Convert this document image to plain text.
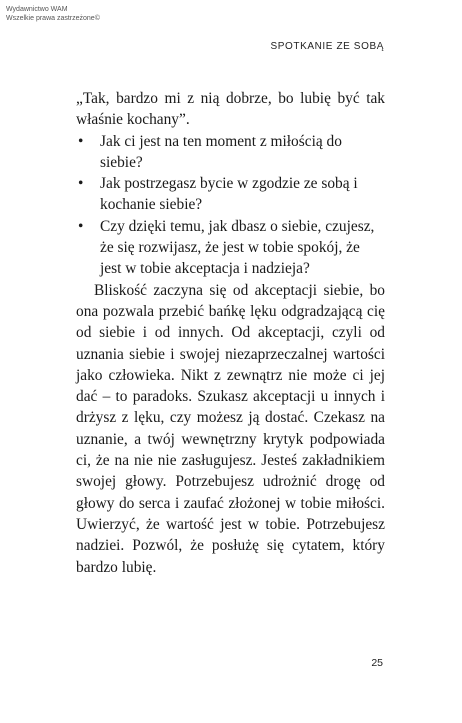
Wydawnictwo WAM
Wszelkie prawa zastrzeżone©
SPOTKANIE ZE SOBĄ

„Tak, bardzo mi z nią dobrze, bo lubię być tak właśnie kochany”.

• Jak ci jest na ten moment z miłością do siebie?
• Jak postrzegasz bycie w zgodzie ze sobą i kochanie siebie?
• Czy dzięki temu, jak dbasz o siebie, czujesz, że się rozwijasz, że jest w tobie spokój, że jest w tobie akceptacja i nadzieja?

Bliskość zaczyna się od akceptacji siebie, bo ona pozwala przebić bańkę lęku odgradzającą cię od siebie i od innych. Od akceptacji, czyli od uznania siebie i swojej niezaprzeczalnej wartości jako człowieka. Nikt z zewnątrz nie może ci jej dać – to paradoks. Szukasz akceptacji u innych i drżysz z lęku, czy możesz ją dostać. Czekasz na uznanie, a twój wewnętrzny krytyk podpowiada ci, że na nie nie zasługujesz. Jesteś zakładnikiem swojej głowy. Potrzebujesz udrożnić drogę od głowy do serca i zaufać złożonej w tobie miłości. Uwierzyć, że wartość jest w tobie. Potrzebujesz nadziei. Pozwól, że posłużę się cytatem, który bardzo lubię.

25
